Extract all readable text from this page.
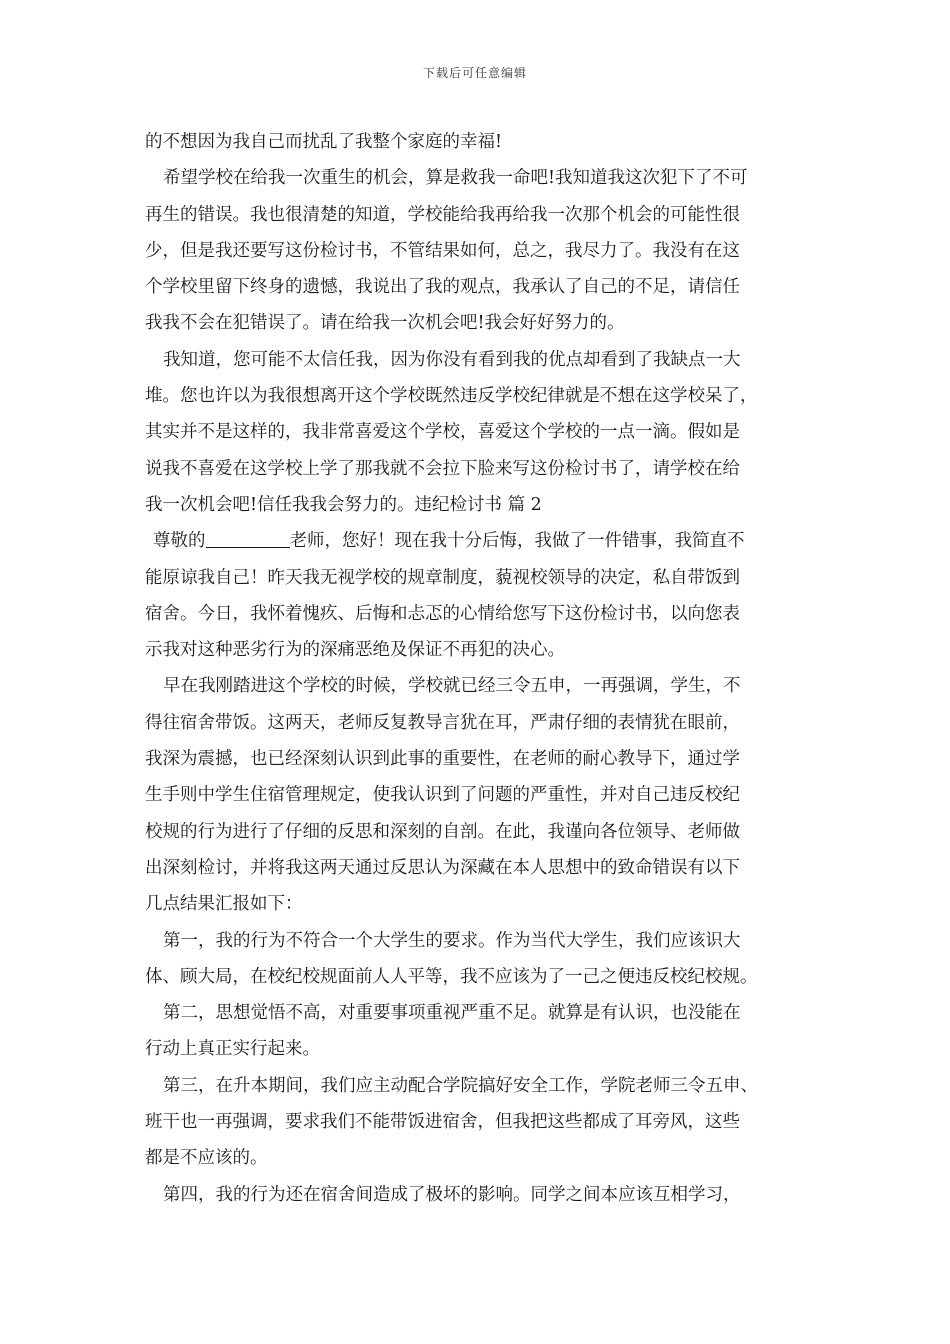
下载后可任意编辑
的不想因为我自己而扰乱了我整个家庭的幸福!
希望学校在给我一次重生的机会，算是救我一命吧!我知道我这次犯下了不可
再生的错误。我也很清楚的知道，学校能给我再给我一次那个机会的可能性很
少，但是我还要写这份检讨书，不管结果如何，总之，我尽力了。我没有在这
个学校里留下终身的遗憾，我说出了我的观点，我承认了自己的不足，请信任
我我不会在犯错误了。请在给我一次机会吧!我会好好努力的。
我知道，您可能不太信任我，因为你没有看到我的优点却看到了我缺点一大
堆。您也许以为我很想离开这个学校既然违反学校纪律就是不想在这学校呆了，
其实并不是这样的，我非常喜爱这个学校，喜爱这个学校的一点一滴。假如是
说我不喜爱在这学校上学了那我就不会拉下脸来写这份检讨书了，请学校在给
我一次机会吧!信任我我会努力的。违纪检讨书 篇 2
尊敬的	老师，您好！现在我十分后悔，我做了一件错事，我简直不
能原谅我自己！昨天我无视学校的规章制度，藐视校领导的决定，私自带饭到
宿舍。今日，我怀着愧疚、后悔和忐忑的心情给您写下这份检讨书，以向您表
示我对这种恶劣行为的深痛恶绝及保证不再犯的决心。
早在我刚踏进这个学校的时候，学校就已经三令五申，一再强调，学生，不
得往宿舍带饭。这两天，老师反复教导言犹在耳，严肃仔细的表情犹在眼前，
我深为震撼，也已经深刻认识到此事的重要性，在老师的耐心教导下，通过学
生手则中学生住宿管理规定，使我认识到了问题的严重性，并对自己违反校纪
校规的行为进行了仔细的反思和深刻的自剖。在此，我谨向各位领导、老师做
出深刻检讨，并将我这两天通过反思认为深藏在本人思想中的致命错误有以下
几点结果汇报如下：
第一，我的行为不符合一个大学生的要求。作为当代大学生，我们应该识大
体、顾大局，在校纪校规面前人人平等，我不应该为了一己之便违反校纪校规。
第二，思想觉悟不高，对重要事项重视严重不足。就算是有认识，也没能在
行动上真正实行起来。
第三，在升本期间，我们应主动配合学院搞好安全工作，学院老师三令五申、
班干也一再强调，要求我们不能带饭进宿舍，但我把这些都成了耳旁风，这些
都是不应该的。
第四，我的行为还在宿舍间造成了极坏的影响。同学之间本应该互相学习，
